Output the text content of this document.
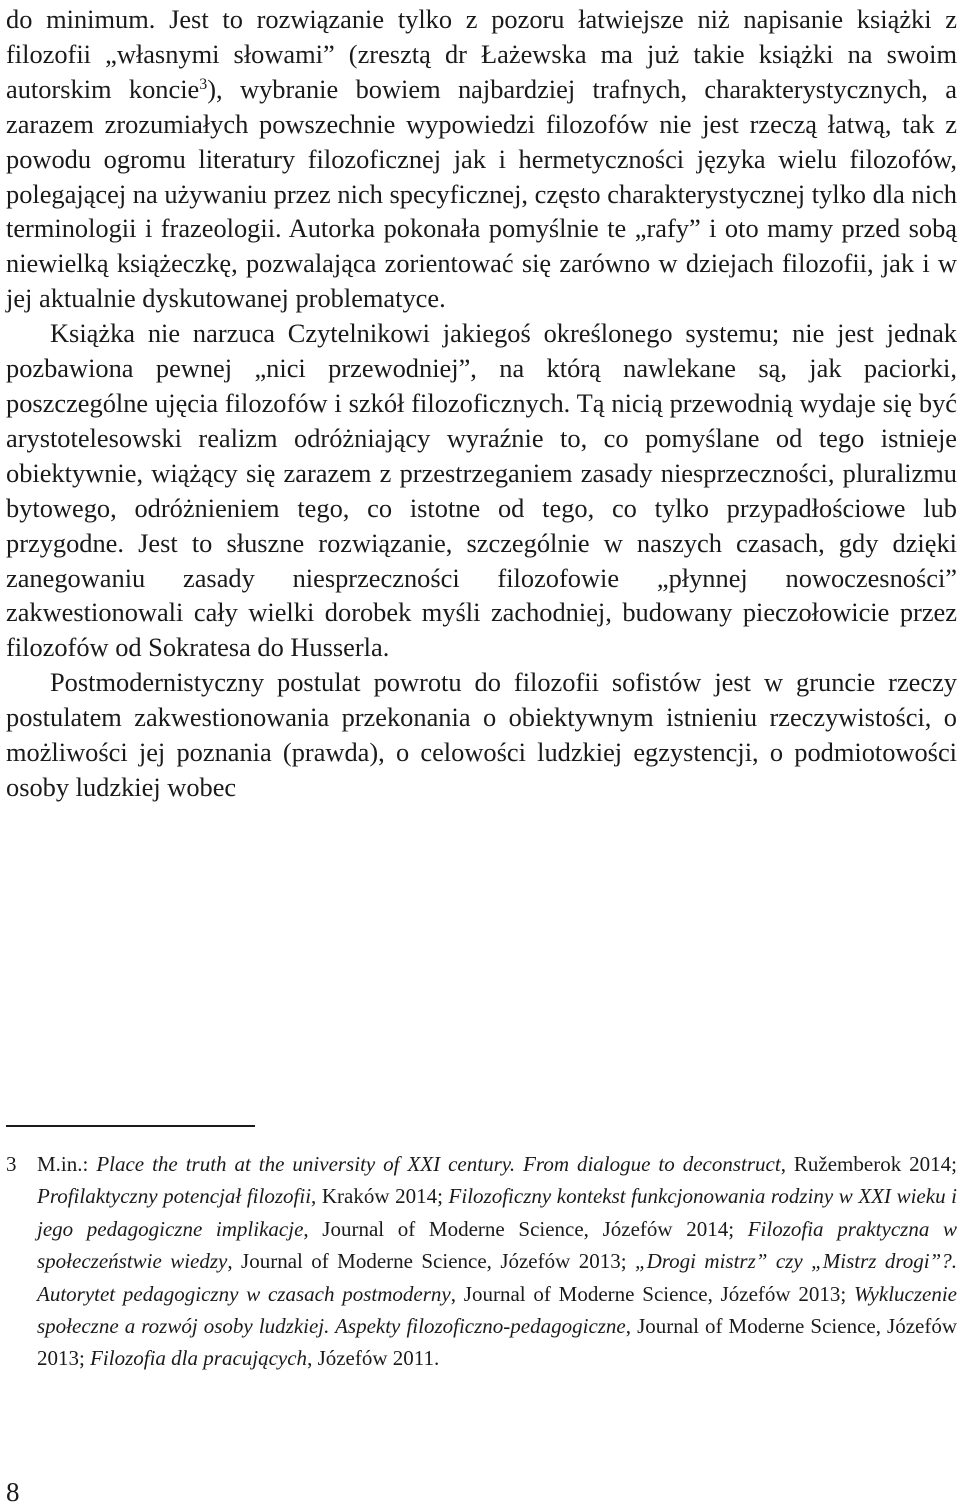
do minimum. Jest to rozwiązanie tylko z pozoru łatwiejsze niż napisanie książki z filozofii „własnymi słowami” (zresztą dr Łażewska ma już takie książki na swoim autorskim koncie$^3$), wybranie bowiem najbardziej trafnych, charakterystycznych, a zarazem zrozumiałych powszechnie wypowiedzi filozofów nie jest rzeczą łatwą, tak z powodu ogromu literatury filozoficznej jak i hermetyczności języka wielu filozofów, polegającej na używaniu przez nich specyficznej, często charakterystycznej tylko dla nich terminologii i frazeologii. Autorka pokonała pomyślnie te „rafy” i oto mamy przed sobą niewielką książeczkę, pozwalająca zorientować się zarówno w dziejach filozofii, jak i w jej aktualnie dyskutowanej problematyce.

Książka nie narzuca Czytelnikowi jakiegoś określonego systemu; nie jest jednak pozbawiona pewnej „nici przewodniej”, na którą nawlekane są, jak paciorki, poszczególne ujęcia filozofów i szkół filozoficznych. Tą nicią przewodnią wydaje się być arystotelesowski realizm odróżniający wyraźnie to, co pomyślane od tego istnieje obiektywnie, wiążący się zarazem z przestrzeganiem zasady niesprzeczności, pluralizmu bytowego, odróżnieniem tego, co istotne od tego, co tylko przypadłościowe lub przygodne. Jest to słuszne rozwiązanie, szczególnie w naszych czasach, gdy dzięki zanegowaniu zasady niesprzeczności filozofowie „płynnej nowoczesności” zakwestionowali cały wielki dorobek myśli zachodniej, budowany pieczołowicie przez filozofów od Sokratesa do Husserla.

Postmodernistyczny postulat powrotu do filozofii sofistów jest w gruncie rzeczy postulatem zakwestionowania przekonania o obiektywnym istnieniu rzeczywistości, o możliwości jej poznania (prawda), o celowości ludzkiej egzystencji, o podmiotowości osoby ludzkiej wobec

3 M.in.: Place the truth at the university of XXI century. From dialogue to deconstruct, Ružemberok 2014; Profilaktyczny potencjał filozofii, Kraków 2014; Filozoficzny kontekst funkcjonowania rodziny w XXI wieku i jego pedagogiczne implikacje, Journal of Moderne Science, Józefów 2014; Filozofia praktyczna w społeczeństwie wiedzy, Journal of Moderne Science, Józefów 2013; „Drogi mistrz” czy „Mistrz drogi”?. Autorytet pedagogiczny w czasach postmoderny, Journal of Moderne Science, Józefów 2013; Wykluczenie społeczne a rozwój osoby ludzkiej. Aspekty filozoficzno-pedagogiczne, Journal of Moderne Science, Józefów 2013; Filozofia dla pracujących, Józefów 2011.
8
